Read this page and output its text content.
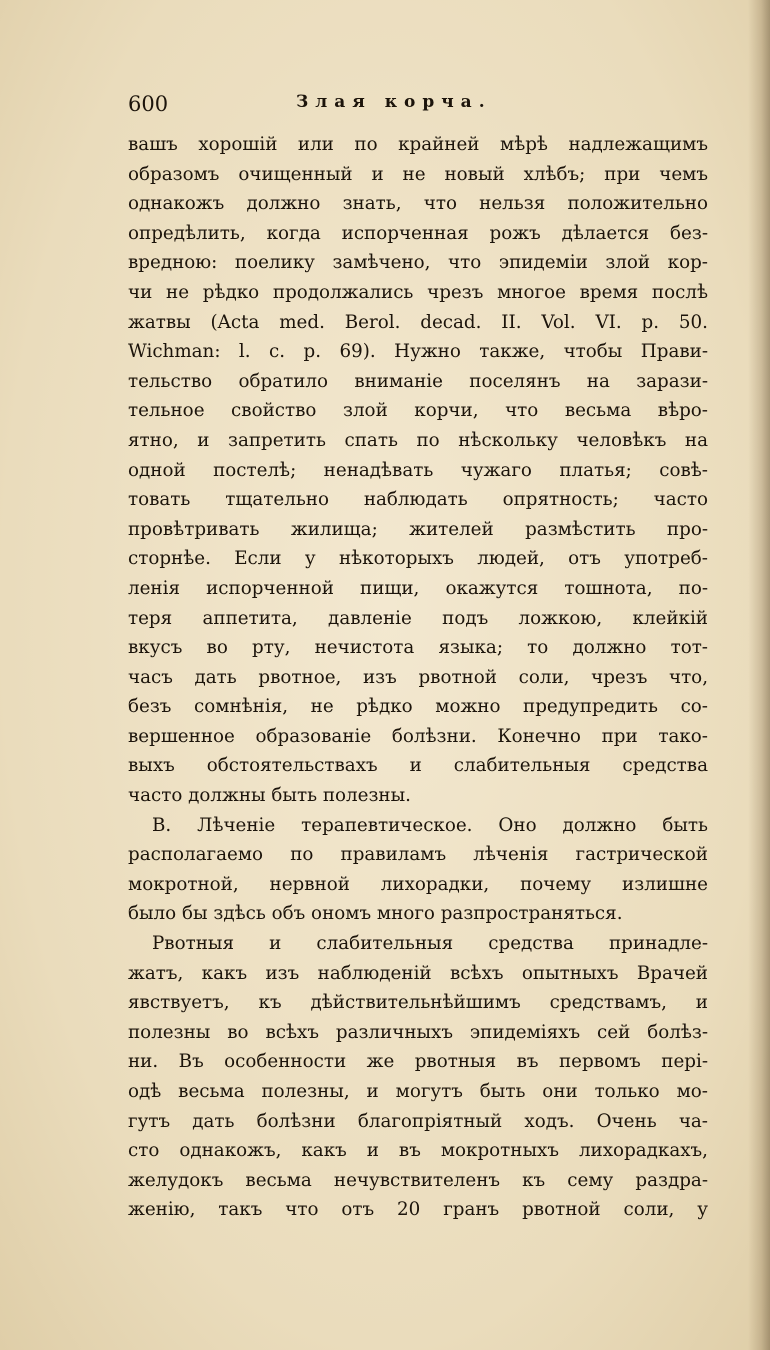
600	Злая корча.
вашъ хорошій или по крайней мѣрѣ надлежащимъ
образомъ очищенный и не новый хлѣбъ; при чемъ
однакожъ должно знать, что нельзя положительно
опредѣлить, когда испорченная рожъ дѣлается без-
вредною: поелику замѣчено, что эпидеміи злой кор-
чи не рѣдко продолжались чрезъ многое время послѣ
жатвы (Acta med. Berol. decad. II. Vol. VI. p. 50.
Wichman: l. c. p. 69). Нужно также, чтобы Прави-
тельство обратило вниманіе поселянъ на зарази-
тельное свойство злой корчи, что весьма вѣро-
ятно, и запретить спать по нѣскольку человѣкъ на
одной постелѣ; ненадѣвать чужаго платья; совѣ-
товать тщательно наблюдать опрятность; часто
провѣтривать жилища; жителей размѣстить про-
сторнѣе. Если у нѣкоторыхъ людей, отъ употреб-
ленія испорченной пищи, окажутся тошнота, по-
теря аппетита, давленіе подъ ложкою, клейкій
вкусъ во рту, нечистота языка; то должно тот-
часъ дать рвотное, изъ рвотной соли, чрезъ что,
безъ сомнѣнія, не рѣдко можно предупредить со-
вершенное образованіе болѣзни. Конечно при тако-
выхъ обстоятельствахъ и слабительныя средства
часто должны быть полезны.
B. Лѣченіе терапевтическое. Оно должно быть
располагаемо по правиламъ лѣченія гастрической
мокротной, нервной лихорадки, почему излишне
было бы здѣсь объ ономъ много разпространяться.
Рвотныя и слабительныя средства принадле-
жатъ, какъ изъ наблюденій всѣхъ опытныхъ Врачей
явствуетъ, къ дѣйствительнѣйшимъ средствамъ, и
полезны во всѣхъ различныхъ эпидеміяхъ сей болѣз-
ни. Въ особенности же рвотныя въ первомъ пері-
одѣ весьма полезны, и могутъ быть они только мо-
гутъ дать болѣзни благопріятный ходъ. Очень ча-
сто однакожъ, какъ и въ мокротныхъ лихорадкахъ,
желудокъ весьма нечувствителенъ къ сему раздра-
женію, такъ что отъ 20 гранъ рвотной соли, у
